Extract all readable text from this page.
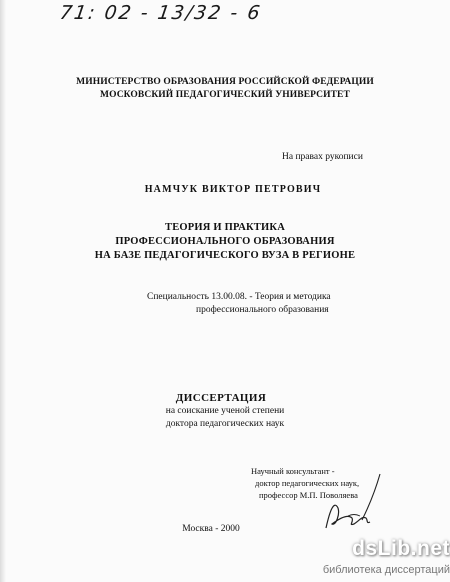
71: 02 - 13/32 - 6
МИНИСТЕРСТВО ОБРАЗОВАНИЯ РОССИЙСКОЙ ФЕДЕРАЦИИ
МОСКОВСКИЙ ПЕДАГОГИЧЕСКИЙ УНИВЕРСИТЕТ
На правах рукописи
НАМЧУК ВИКТОР ПЕТРОВИЧ
ТЕОРИЯ И ПРАКТИКА
ПРОФЕССИОНАЛЬНОГО ОБРАЗОВАНИЯ
НА БАЗЕ ПЕДАГОГИЧЕСКОГО ВУЗА В РЕГИОНЕ
Специальность 13.00.08. - Теория и методика
профессионального образования
ДИССЕРТАЦИЯ
на соискание ученой степени
доктора педагогических наук
Научный консультант -
доктор педагогических наук,
профессор М.П. Поволяева
Москва - 2000
dsLib.net
библиотека диссертаций
